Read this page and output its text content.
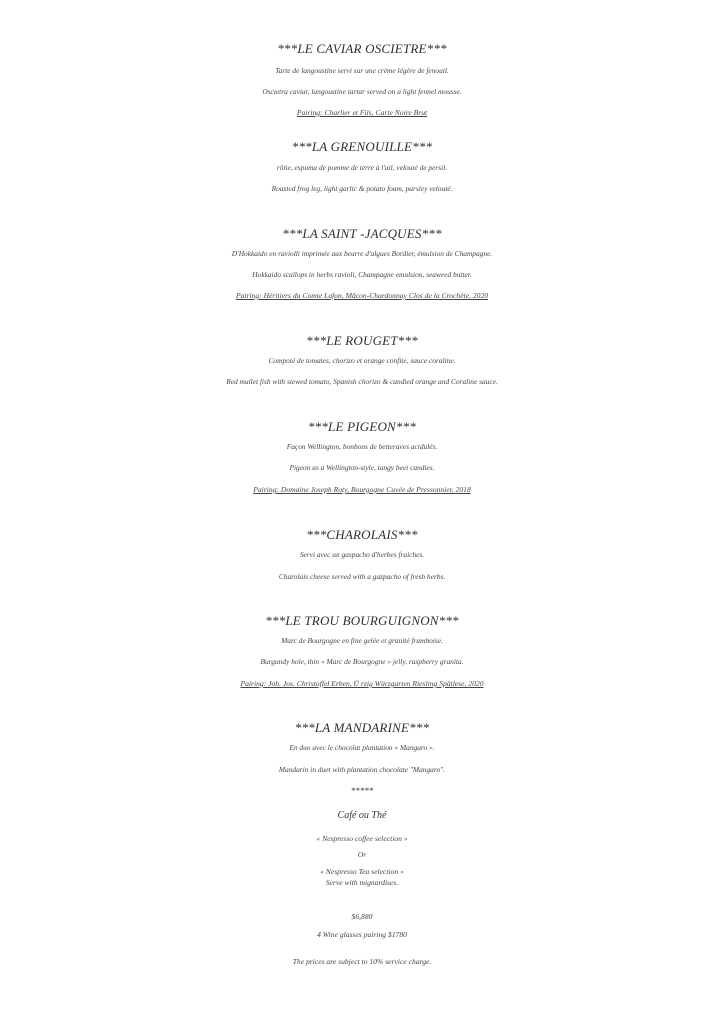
***LE CAVIAR OSCIETRE***
Tarte de langoustine servi sur une crème légère de fenouil.
Oscietra caviar, langoustine tartar served on a light fennel mousse.
Pairing: Charlier et Fils, Carte Noire Brut
***LA GRENOUILLE***
rôtie, espuma de pomme de terre à l'ail, velouté de persil.
Roasted frog leg, light garlic & potato foam, parsley velouté.
***LA SAINT -JACQUES***
D'Hokkaido en raviolli imprimée aux beurre d'algues Bordier, émulsion de Champagne.
Hokkaido scallops in herbs ravioli, Champagne emulsion, seaweed butter.
Pairing: Héritiers du Comte Lafon, Mâcon-Chardonnay Clos de la Crochète, 2020
***LE ROUGET***
Compoté de tomates, chorizo et orange confite, sauce coraline.
Red mullet fish with stewed tomato, Spanish chorizo & candied orange and Coraline sauce.
***LE PIGEON***
Façon Wellington, bonbons de betteraves acidulés.
Pigeon as a Wellington-style, tangy beet candies.
Pairing: Domaine Joseph Roty, Bourgogne Cuvée de Pressonnier, 2018
***CHAROLAIS***
Servi avec un gaspacho d'herbes fraiches.
Charolais cheese served with a gazpacho of fresh herbs.
***LE TROU BOURGUIGNON***
Marc de Bourgogne en fine gelée et granité framboise.
Burgundy hole, thin « Marc de Bourgogne » jelly, raspberry granita.
Pairing: Joh. Jos. Christoffel Erben, Ü rzig Würzgarten Riesling Spätlese, 2020
***LA MANDARINE***
En duo avec le chocolat plantation « Mangaro ».
Mandarin in duet with plantation chocolate "Mangaro".
*****
Café ou Thé
« Nespresso coffee selection »
Or
« Nespresso Tea selection »
Serve with mignardises.
$6,880
4 Wine glasses pairing $1780
The prices are subject to 10% service charge.
